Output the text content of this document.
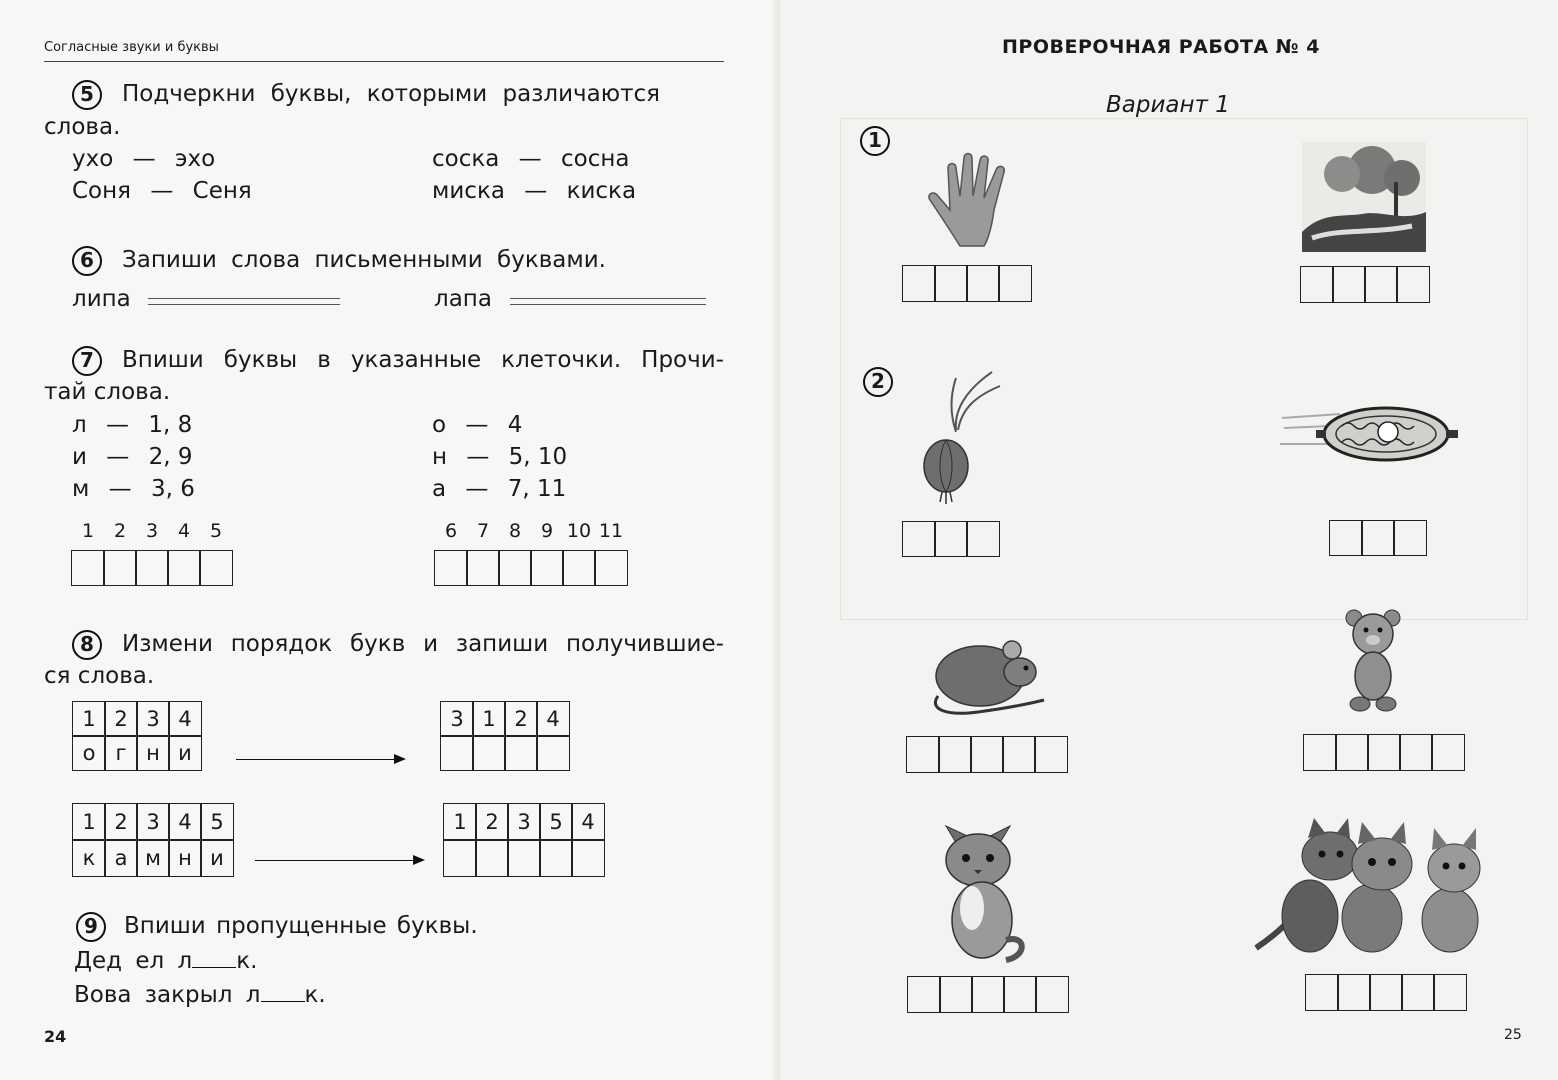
Согласные звуки и буквы
5	Подчеркни буквы, которыми различаются
слова.
ухо — эхо
Соня — Сеня
соска — сосна
миска — киска
6	Запиши слова письменными буквами.
липа	лапа
7	Впиши буквы в указанные клеточки. Прочи-
тай слова.
л — 1, 8
и — 2, 9
м — 3, 6
о — 4
н — 5, 10
а — 7, 11
1	2	3	4	5	6	7	8	9 10 11
8	Измени порядок букв и запиши получившие-
ся слова.
1 2 3 4
о г н и
3 1 2 4
1 2 3 4 5
к а м н и
1 2 3 5 4
9	Впиши пропущенные буквы.
Дед ел л к.
Вова закрыл л к.
24
ПРОВЕРОЧНАЯ РАБОТА № 4
Вариант 1
1
2
25
